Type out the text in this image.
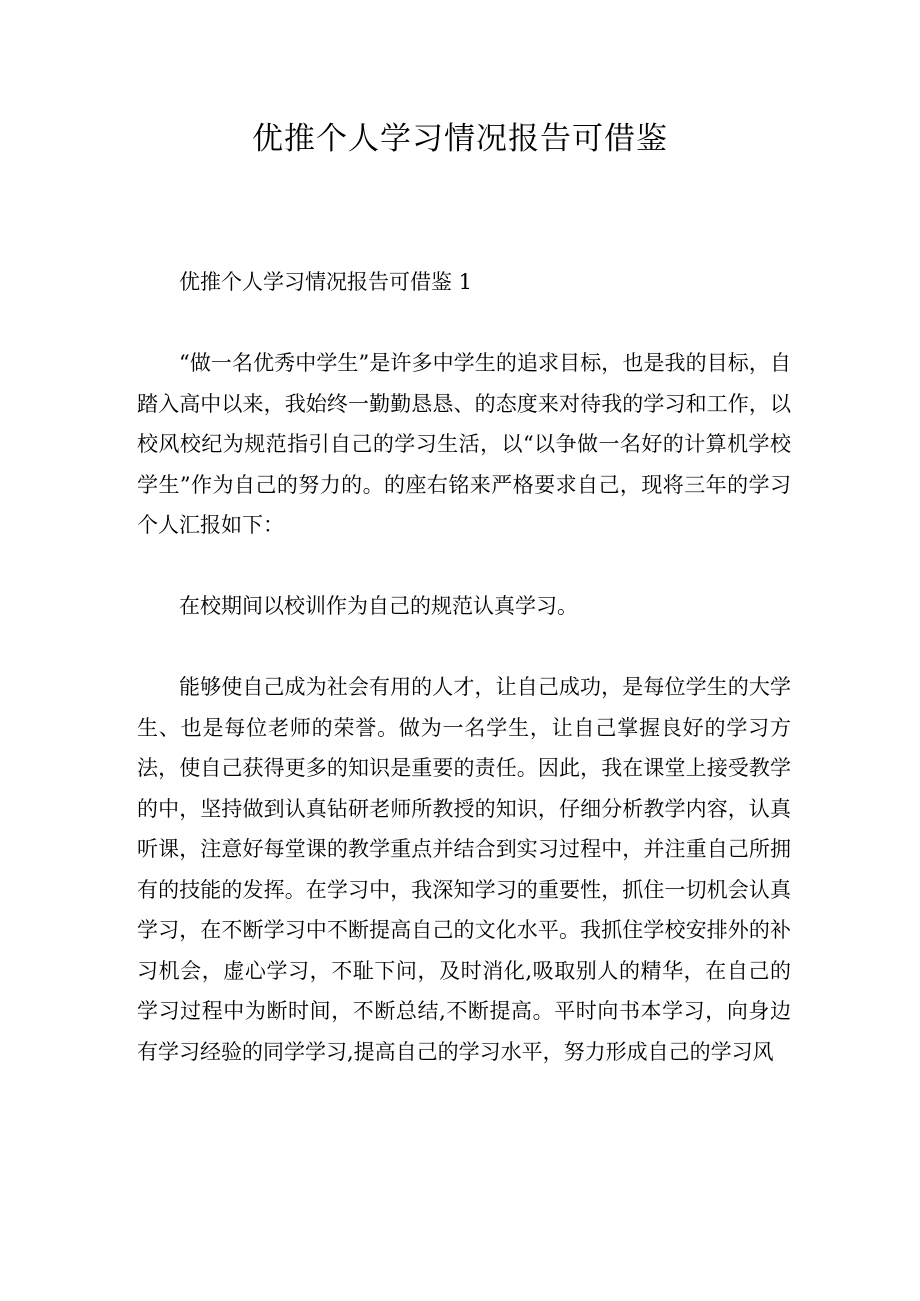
优推个人学习情况报告可借鉴

优推个人学习情况报告可借鉴 1

“做一名优秀中学生”是许多中学生的追求目标，也是我的目标，自踏入高中以来，我始终一勤勤恳恳、的态度来对待我的学习和工作，以校风校纪为规范指引自己的学习生活，以“以争做一名好的计算机学校学生”作为自己的努力的。的座右铭来严格要求自己，现将三年的学习个人汇报如下：

在校期间以校训作为自己的规范认真学习。

能够使自己成为社会有用的人才，让自己成功，是每位学生的大学生、也是每位老师的荣誉。做为一名学生，让自己掌握良好的学习方法，使自己获得更多的知识是重要的责任。因此，我在课堂上接受教学的中，坚持做到认真钻研老师所教授的知识，仔细分析教学内容，认真听课，注意好每堂课的教学重点并结合到实习过程中，并注重自己所拥有的技能的发挥。在学习中，我深知学习的重要性，抓住一切机会认真学习，在不断学习中不断提高自己的文化水平。我抓住学校安排外的补习机会，虚心学习，不耻下问，及时消化,吸取别人的精华，在自己的学习过程中为断时间，不断总结,不断提高。平时向书本学习，向身边有学习经验的同学学习,提高自己的学习水平，努力形成自己的学习风
